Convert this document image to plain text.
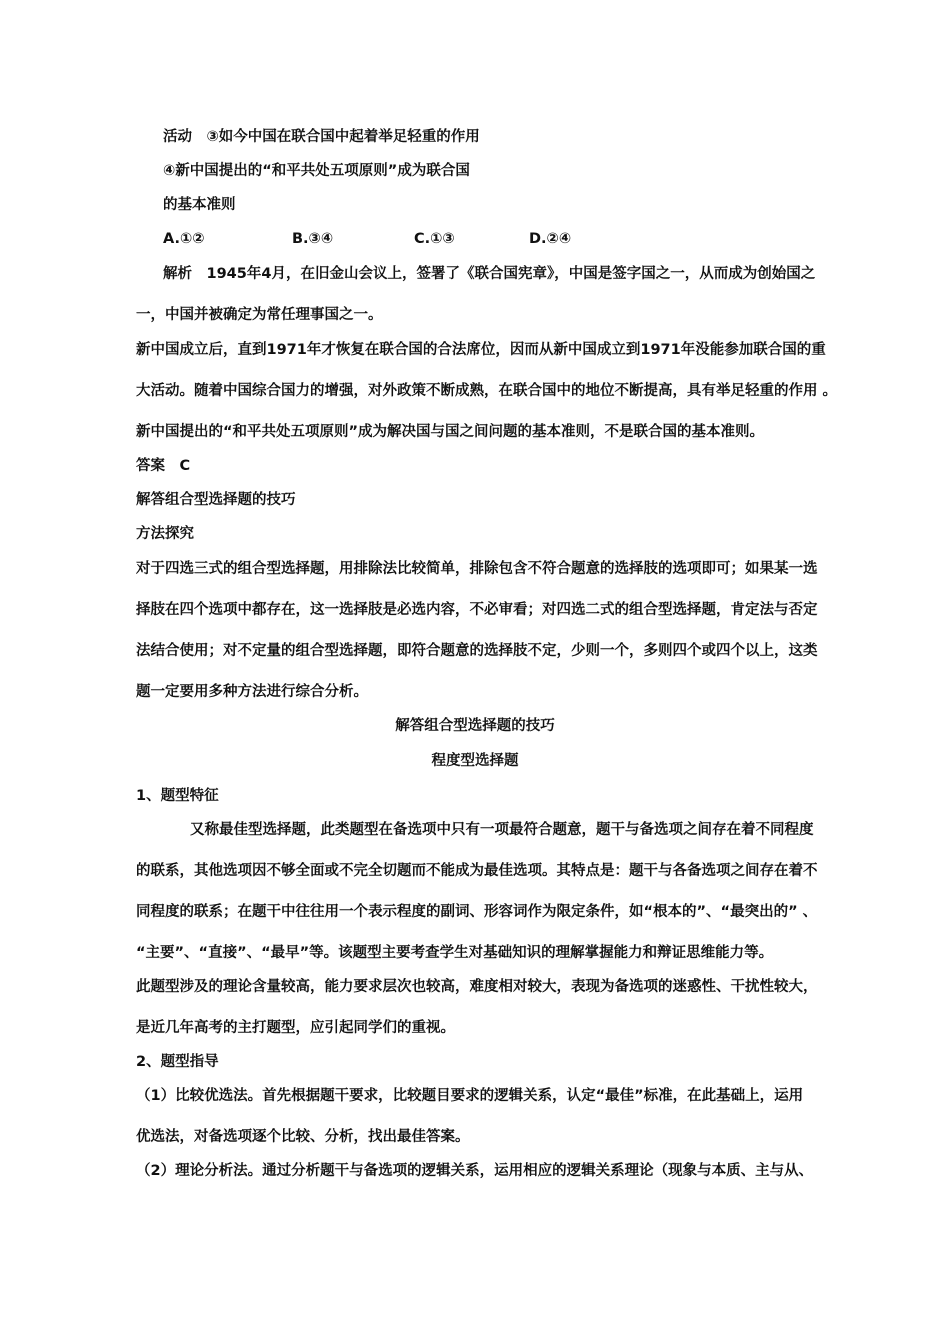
活动　③如今中国在联合国中起着举足轻重的作用
④新中国提出的“和平共处五项原则”成为联合国
的基本准则
A.①②	B.③④	C.①③	D.②④
解析　1945年4月，在旧金山会议上，签署了《联合国宪章》，中国是签字国之一，从而成为创始国之
一，中国并被确定为常任理事国之一。
新中国成立后，直到1971年才恢复在联合国的合法席位，因而从新中国成立到1971年没能参加联合国的重
大活动。随着中国综合国力的增强，对外政策不断成熟，在联合国中的地位不断提高，具有举足轻重的作用 。
新中国提出的“和平共处五项原则”成为解决国与国之间问题的基本准则，不是联合国的基本准则。
答案　C
解答组合型选择题的技巧
方法探究
对于四选三式的组合型选择题，用排除法比较简单，排除包含不符合题意的选择肢的选项即可；如果某一选
择肢在四个选项中都存在，这一选择肢是必选内容，不必审看；对四选二式的组合型选择题，肯定法与否定
法结合使用；对不定量的组合型选择题，即符合题意的选择肢不定，少则一个，多则四个或四个以上，这类
题一定要用多种方法进行综合分析。
解答组合型选择题的技巧
程度型选择题
1、题型特征
又称最佳型选择题，此类题型在备选项中只有一项最符合题意，题干与备选项之间存在着不同程度
的联系，其他选项因不够全面或不完全切题而不能成为最佳选项。其特点是：题干与各备选项之间存在着不
同程度的联系；在题干中往往用一个表示程度的副词、形容词作为限定条件，如“根本的”、“最突出的” 、
“主要”、“直接”、“最早”等。该题型主要考查学生对基础知识的理解掌握能力和辩证思维能力等。
此题型涉及的理论含量较高，能力要求层次也较高，难度相对较大，表现为备选项的迷惑性、干扰性较大，
是近几年高考的主打题型，应引起同学们的重视。
2、题型指导
（1）比较优选法。首先根据题干要求，比较题目要求的逻辑关系，认定“最佳”标准，在此基础上，运用
优选法，对备选项逐个比较、分析，找出最佳答案。
（2）理论分析法。通过分析题干与备选项的逻辑关系，运用相应的逻辑关系理论（现象与本质、主与从、
